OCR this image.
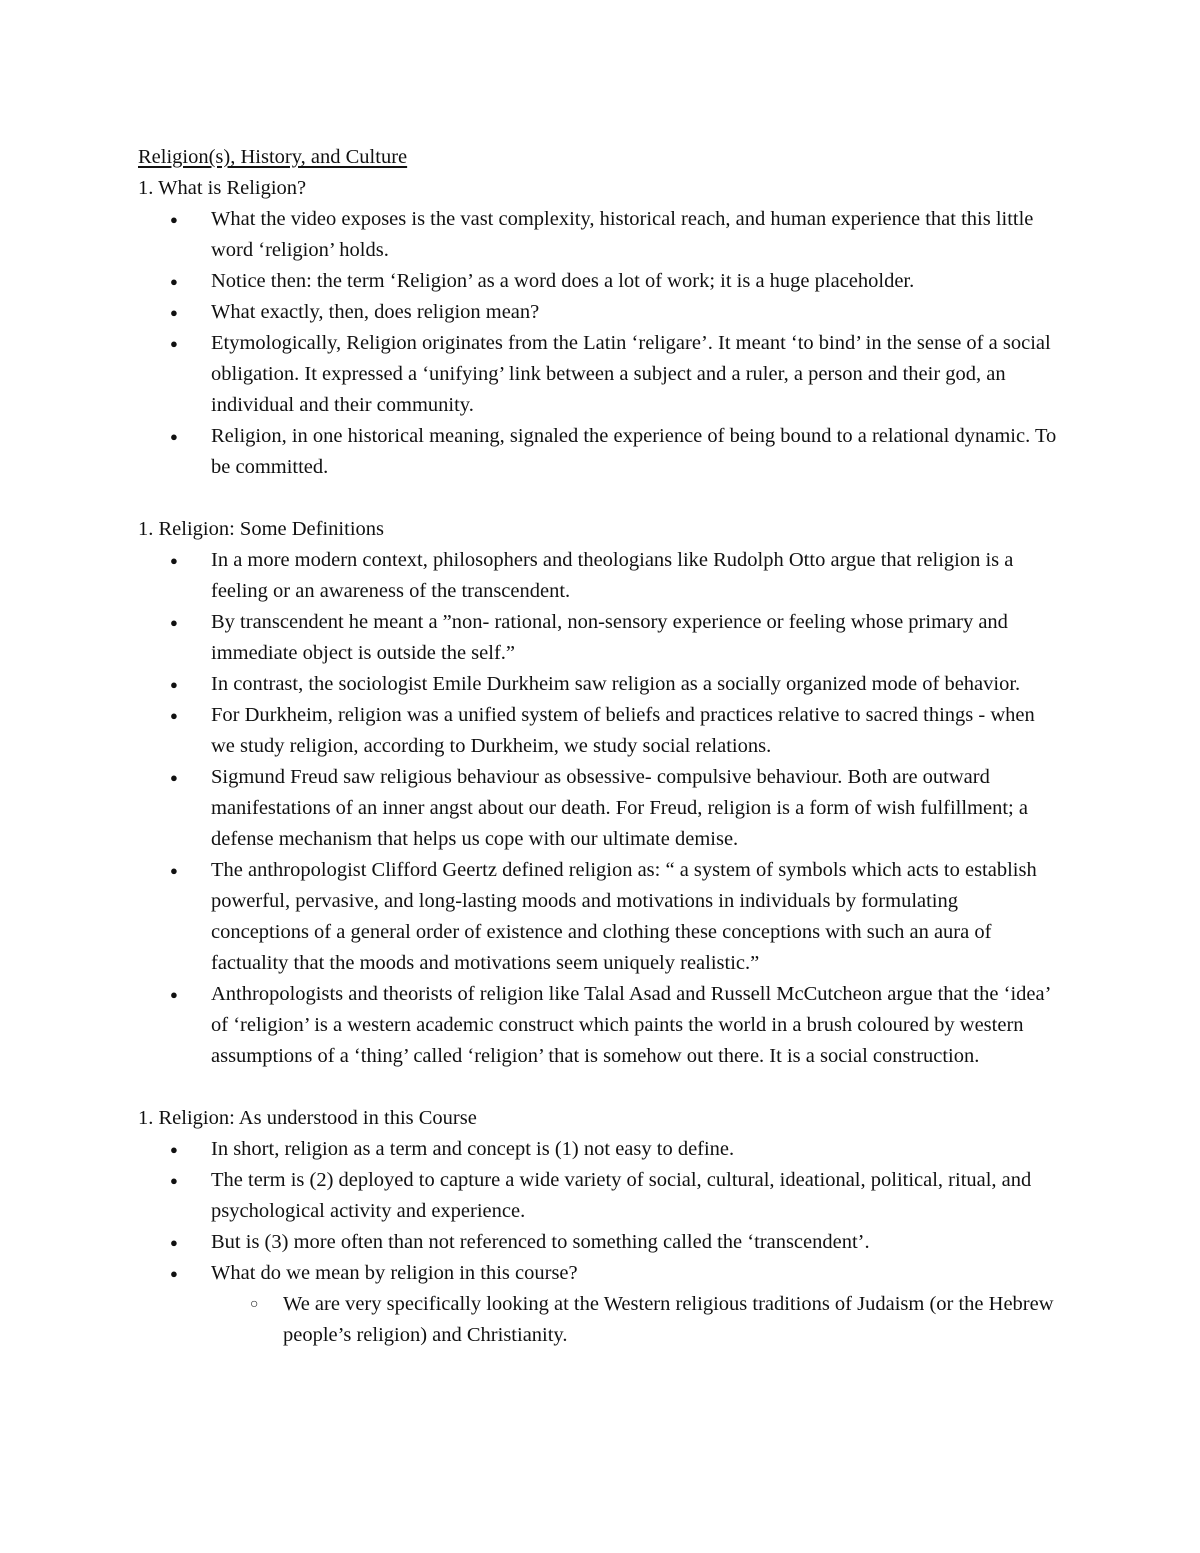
Religion(s), History, and Culture
1. What is Religion?
● What the video exposes is the vast complexity, historical reach, and human experience that this little word ‘religion’ holds.
● Notice then: the term ‘Religion’ as a word does a lot of work; it is a huge placeholder.
● What exactly, then, does religion mean?
● Etymologically, Religion originates from the Latin ‘religare’. It meant ‘to bind’ in the sense of a social obligation. It expressed a ‘unifying’ link between a subject and a ruler, a person and their god, an individual and their community.
● Religion, in one historical meaning, signaled the experience of being bound to a relational dynamic. To be committed.
1. Religion: Some Definitions
● In a more modern context, philosophers and theologians like Rudolph Otto argue that religion is a feeling or an awareness of the transcendent.
● By transcendent he meant a ”non- rational, non-sensory experience or feeling whose primary and immediate object is outside the self.”
● In contrast, the sociologist Emile Durkheim saw religion as a socially organized mode of behavior.
● For Durkheim, religion was a unified system of beliefs and practices relative to sacred things - when we study religion, according to Durkheim, we study social relations.
● Sigmund Freud saw religious behaviour as obsessive- compulsive behaviour. Both are outward manifestations of an inner angst about our death. For Freud, religion is a form of wish fulfillment; a defense mechanism that helps us cope with our ultimate demise.
● The anthropologist Clifford Geertz defined religion as: “ a system of symbols which acts to establish powerful, pervasive, and long-lasting moods and motivations in individuals by formulating conceptions of a general order of existence and clothing these conceptions with such an aura of factuality that the moods and motivations seem uniquely realistic.”
● Anthropologists and theorists of religion like Talal Asad and Russell McCutcheon argue that the ‘idea’ of ‘religion’ is a western academic construct which paints the world in a brush coloured by western assumptions of a ‘thing’ called ‘religion’ that is somehow out there. It is a social construction.
1. Religion: As understood in this Course
● In short, religion as a term and concept is (1) not easy to define.
● The term is (2) deployed to capture a wide variety of social, cultural, ideational, political, ritual, and psychological activity and experience.
● But is (3) more often than not referenced to something called the ‘transcendent’.
● What do we mean by religion in this course?
○ We are very specifically looking at the Western religious traditions of Judaism (or the Hebrew people’s religion) and Christianity.
